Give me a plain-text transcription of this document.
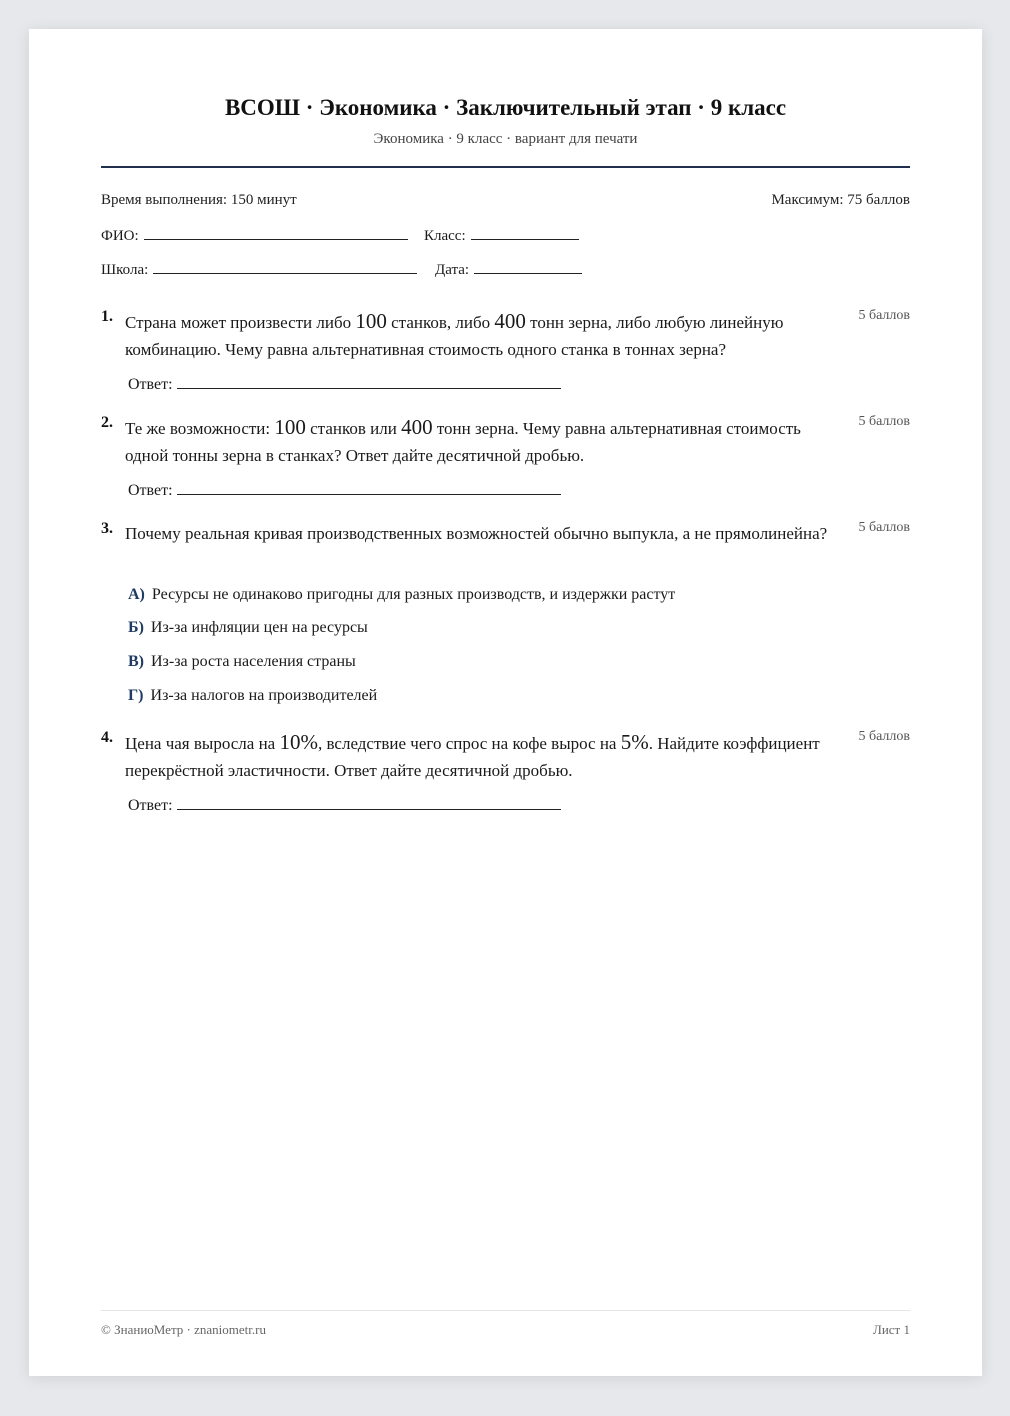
ВСОШ · Экономика · Заключительный этап · 9 класс
Экономика · 9 класс · вариант для печати
Время выполнения: 150 минут	Максимум: 75 баллов
ФИО:	Класс:
Школа:	Дата:
1. Страна может произвести либо 100 станков, либо 400 тонн зерна, либо любую линейную комбинацию. Чему равна альтернативная стоимость одного станка в тоннах зерна?
5 баллов
Ответ:
2. Те же возможности: 100 станков или 400 тонн зерна. Чему равна альтернативная стоимость одной тонны зерна в станках? Ответ дайте десятичной дробью.
5 баллов
Ответ:
3. Почему реальная кривая производственных возможностей обычно выпукла, а не прямолинейна?	5 баллов
А) Ресурсы не одинаково пригодны для разных производств, и издержки растут
Б) Из-за инфляции цен на ресурсы
В) Из-за роста населения страны
Г) Из-за налогов на производителей
4. Цена чая выросла на 10%, вследствие чего спрос на кофе вырос на 5%. Найдите коэффициент перекрёстной эластичности. Ответ дайте десятичной дробью.
5 баллов
Ответ:
© ЗнаниоМетр · znaniometr.ru	Лист 1
